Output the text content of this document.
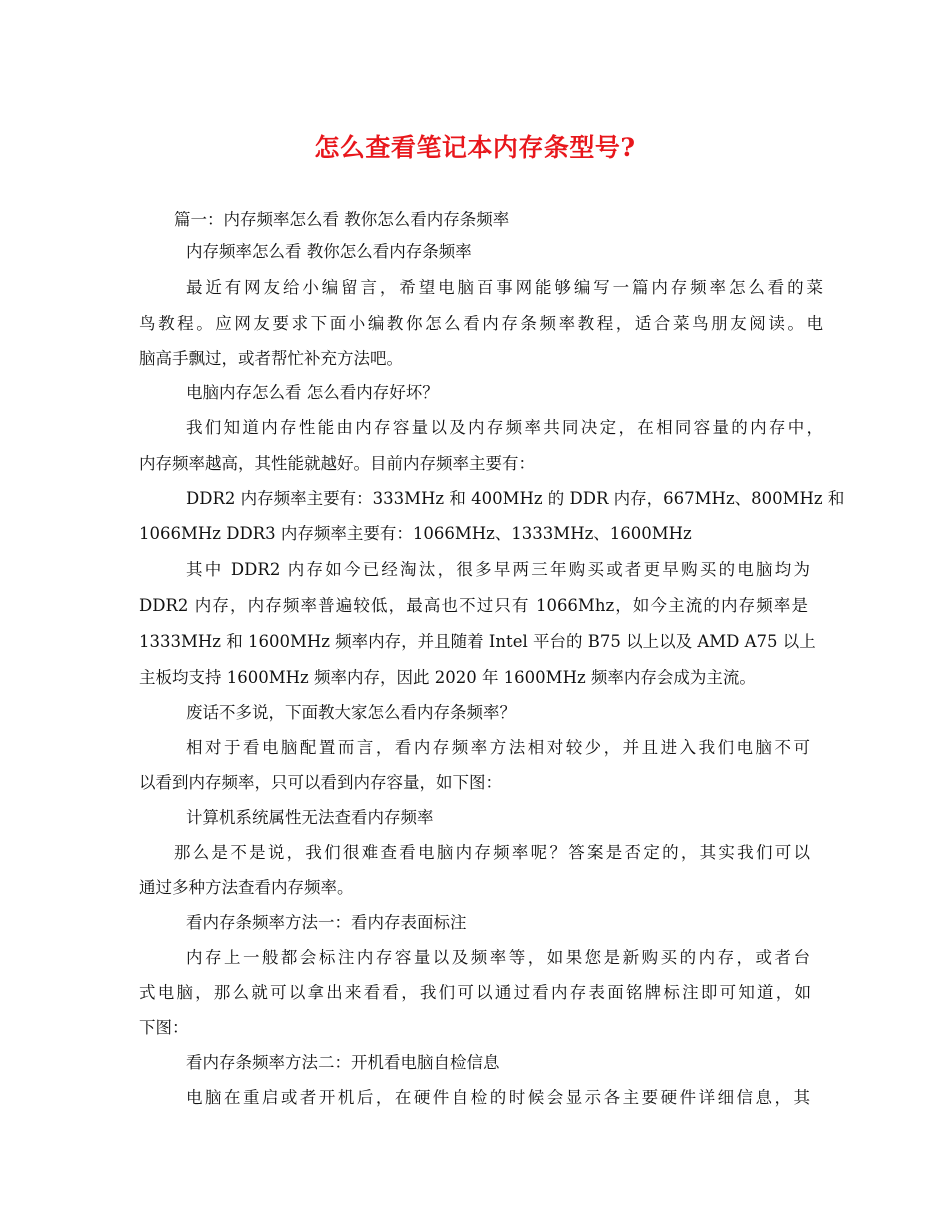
怎么查看笔记本内存条型号?
篇一：内存频率怎么看 教你怎么看内存条频率
内存频率怎么看 教你怎么看内存条频率
最近有网友给小编留言，希望电脑百事网能够编写一篇内存频率怎么看的菜
鸟教程。应网友要求下面小编教你怎么看内存条频率教程，适合菜鸟朋友阅读。电
脑高手飘过，或者帮忙补充方法吧。
电脑内存怎么看 怎么看内存好坏？
我们知道内存性能由内存容量以及内存频率共同决定，在相同容量的内存中，
内存频率越高，其性能就越好。目前内存频率主要有：
DDR2 内存频率主要有：333MHz 和 400MHz 的 DDR 内存，667MHz、800MHz 和
1066MHz DDR3 内存频率主要有：1066MHz、1333MHz、1600MHz
其中 DDR2 内存如今已经淘汰，很多早两三年购买或者更早购买的电脑均为
DDR2 内存，内存频率普遍较低，最高也不过只有 1066Mhz，如今主流的内存频率是
1333MHz 和 1600MHz 频率内存，并且随着 Intel 平台的 B75 以上以及 AMD A75 以上
主板均支持 1600MHz 频率内存，因此 2020 年 1600MHz 频率内存会成为主流。
废话不多说，下面教大家怎么看内存条频率？
相对于看电脑配置而言，看内存频率方法相对较少，并且进入我们电脑不可
以看到内存频率，只可以看到内存容量，如下图：
计算机系统属性无法查看内存频率
那么是不是说，我们很难查看电脑内存频率呢？答案是否定的，其实我们可以
通过多种方法查看内存频率。
看内存条频率方法一：看内存表面标注
内存上一般都会标注内存容量以及频率等，如果您是新购买的内存，或者台
式电脑，那么就可以拿出来看看，我们可以通过看内存表面铭牌标注即可知道，如
下图：
看内存条频率方法二：开机看电脑自检信息
电脑在重启或者开机后，在硬件自检的时候会显示各主要硬件详细信息，其
